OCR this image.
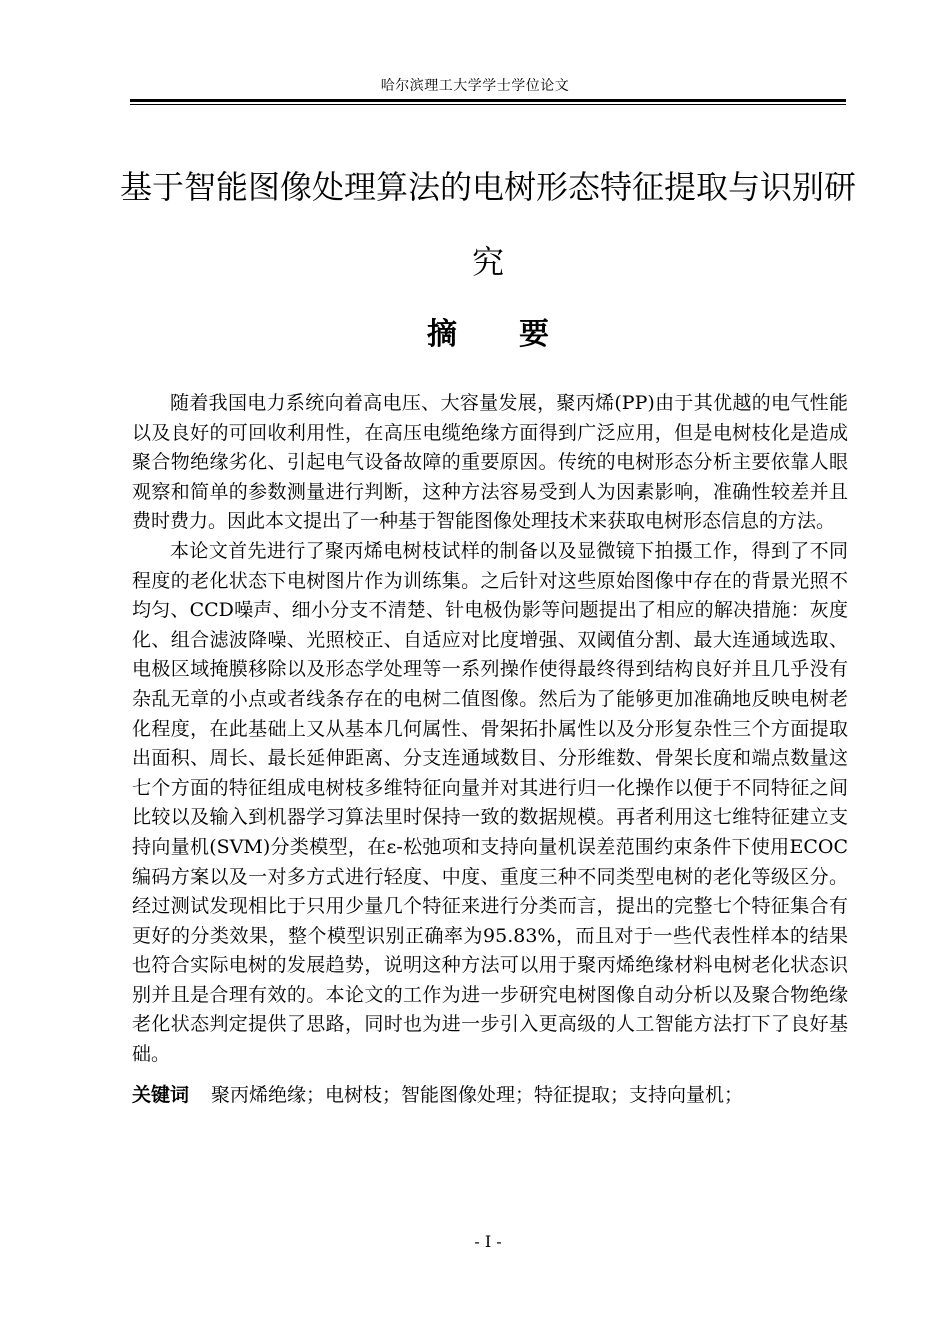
哈尔滨理工大学学士学位论文
基于智能图像处理算法的电树形态特征提取与识别研究
摘 要

随着我国电力系统向着高电压、大容量发展，聚丙烯(PP)由于其优越的电气性能以及良好的可回收利用性，在高压电缆绝缘方面得到广泛应用，但是电树枝化是造成聚合物绝缘劣化、引起电气设备故障的重要原因。传统的电树形态分析主要依靠人眼观察和简单的参数测量进行判断，这种方法容易受到人为因素影响，准确性较差并且费时费力。因此本文提出了一种基于智能图像处理技术来获取电树形态信息的方法。

本论文首先进行了聚丙烯电树枝试样的制备以及显微镜下拍摄工作，得到了不同程度的老化状态下电树图片作为训练集。之后针对这些原始图像中存在的背景光照不均匀、CCD噪声、细小分支不清楚、针电极伪影等问题提出了相应的解决措施：灰度化、组合滤波降噪、光照校正、自适应对比度增强、双阈值分割、最大连通域选取、电极区域掩膜移除以及形态学处理等一系列操作使得最终得到结构良好并且几乎没有杂乱无章的小点或者线条存在的电树二值图像。然后为了能够更加准确地反映电树老化程度，在此基础上又从基本几何属性、骨架拓扑属性以及分形复杂性三个方面提取出面积、周长、最长延伸距离、分支连通域数目、分形维数、骨架长度和端点数量这七个方面的特征组成电树枝多维特征向量并对其进行归一化操作以便于不同特征之间比较以及输入到机器学习算法里时保持一致的数据规模。再者利用这七维特征建立支持向量机(SVM)分类模型，在ε-松弛项和支持向量机误差范围约束条件下使用ECOC编码方案以及一对多方式进行轻度、中度、重度三种不同类型电树的老化等级区分。经过测试发现相比于只用少量几个特征来进行分类而言，提出的完整七个特征集合有更好的分类效果，整个模型识别正确率为95.83%，而且对于一些代表性样本的结果也符合实际电树的发展趋势，说明这种方法可以用于聚丙烯绝缘材料电树老化状态识别并且是合理有效的。本论文的工作为进一步研究电树图像自动分析以及聚合物绝缘老化状态判定提供了思路，同时也为进一步引入更高级的人工智能方法打下了良好基础。

关键词 聚丙烯绝缘；电树枝；智能图像处理；特征提取；支持向量机；
- I -
